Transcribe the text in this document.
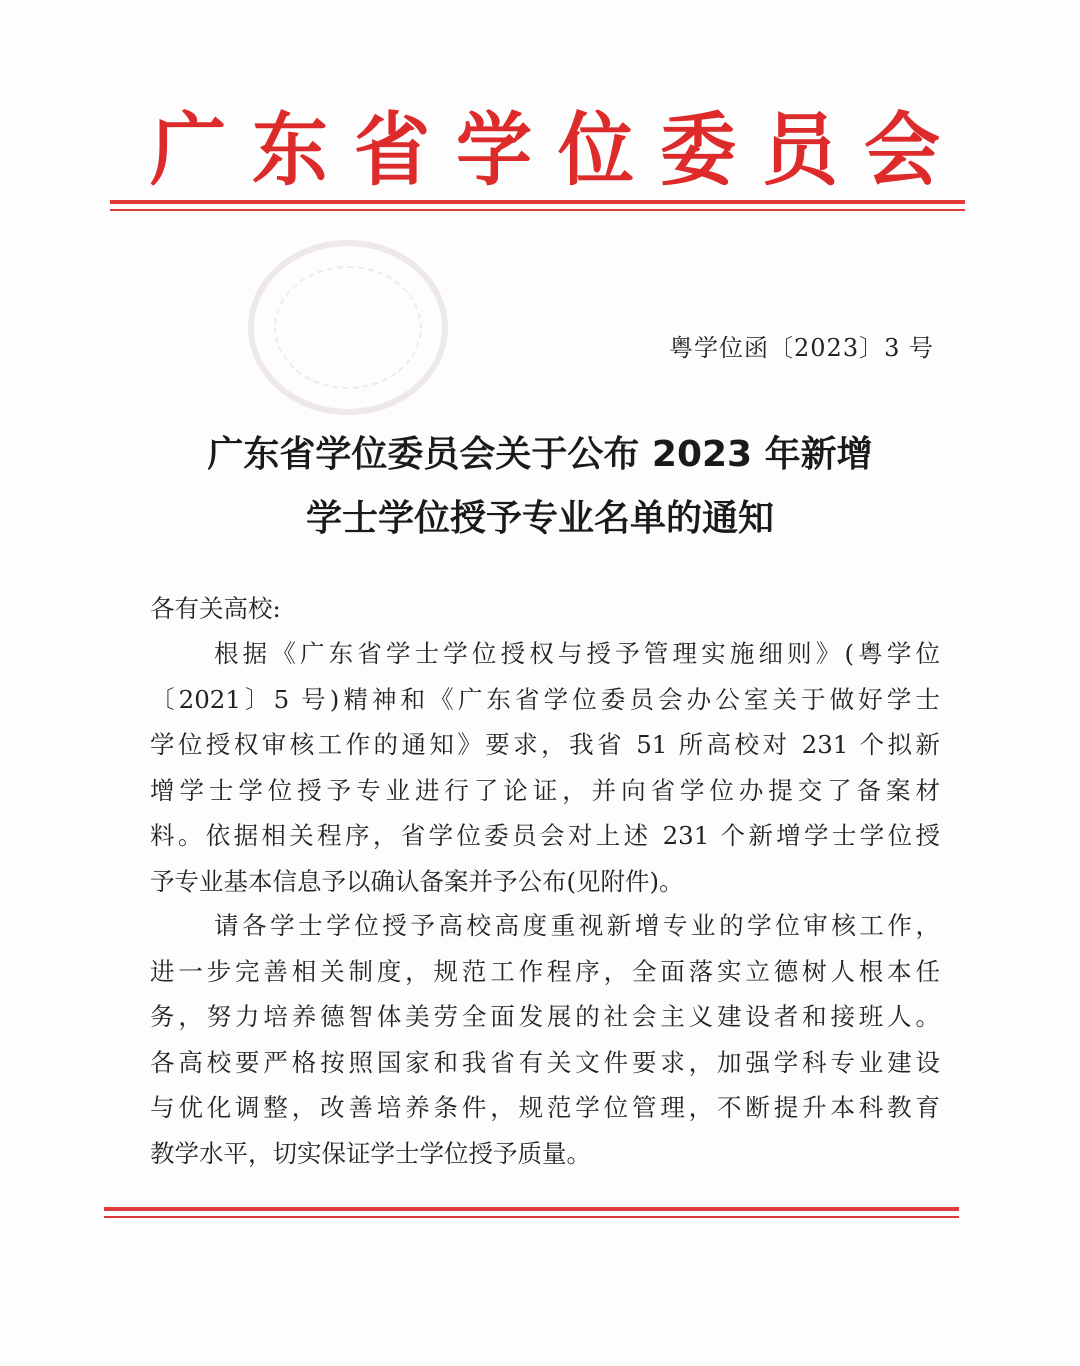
广 东 省 学 位 委 员 会
粤学位函〔2023〕3 号
广东省学位委员会关于公布 2023 年新增
学士学位授予专业名单的通知
各有关高校:
根据《广东省学士学位授权与授予管理实施细则》(粤学位
〔2021〕5 号)精神和《广东省学位委员会办公室关于做好学士
学位授权审核工作的通知》要求，我省 51 所高校对 231 个拟新
增学士学位授予专业进行了论证，并向省学位办提交了备案材
料。依据相关程序，省学位委员会对上述 231 个新增学士学位授
予专业基本信息予以确认备案并予公布(见附件)。
请各学士学位授予高校高度重视新增专业的学位审核工作，
进一步完善相关制度，规范工作程序，全面落实立德树人根本任
务，努力培养德智体美劳全面发展的社会主义建设者和接班人。
各高校要严格按照国家和我省有关文件要求，加强学科专业建设
与优化调整，改善培养条件，规范学位管理，不断提升本科教育
教学水平，切实保证学士学位授予质量。
